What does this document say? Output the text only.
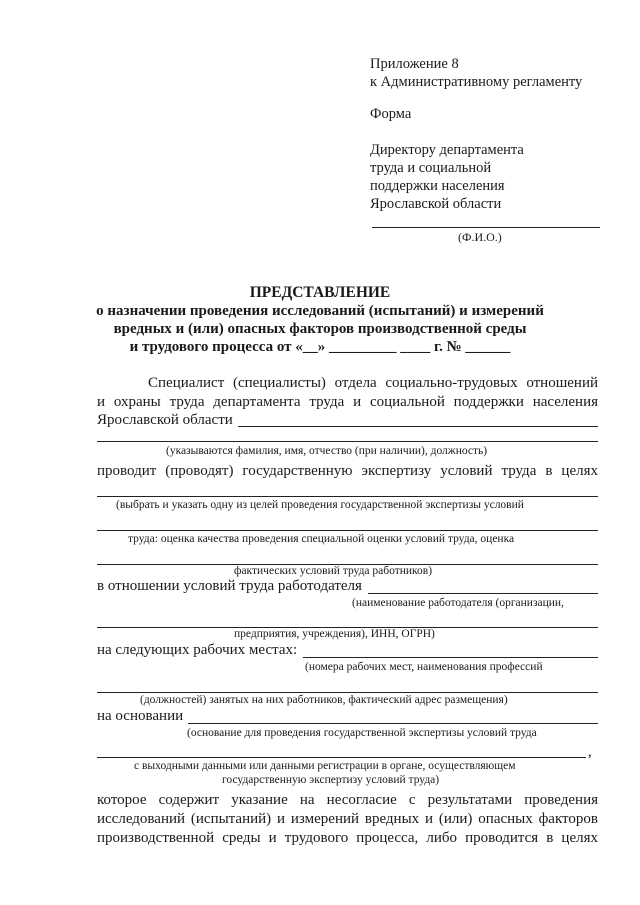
Приложение 8
к Административному регламенту
Форма
Директору департамента
труда и социальной
поддержки населения
Ярославской области
(Ф.И.О.)
ПРЕДСТАВЛЕНИЕ
о назначении проведения исследований (испытаний) и измерений
вредных и (или) опасных факторов производственной среды
и трудового процесса от «__» _________ ____ г. № ______
Специалист (специалисты) отдела социально-трудовых отношений
и охраны труда департамента труда и социальной поддержки населения
Ярославской области
(указываются фамилия, имя, отчество (при наличии), должность)
проводит (проводят) государственную экспертизу условий труда в целях
(выбрать и указать одну из целей проведения государственной экспертизы условий
труда: оценка качества проведения специальной оценки условий труда, оценка
фактических условий труда работников)
в отношении условий труда работодателя
(наименование работодателя (организации,
предприятия, учреждения), ИНН, ОГРН)
на следующих рабочих местах:
(номера рабочих мест, наименования профессий
(должностей) занятых на них работников, фактический адрес размещения)
на основании
(основание для проведения государственной экспертизы условий труда
,
с выходными данными или данными регистрации в органе, осуществляющем
государственную экспертизу условий труда)
которое содержит указание на несогласие с результатами проведения
исследований (испытаний) и измерений вредных и (или) опасных факторов
производственной среды и трудового процесса, либо проводится в целях
